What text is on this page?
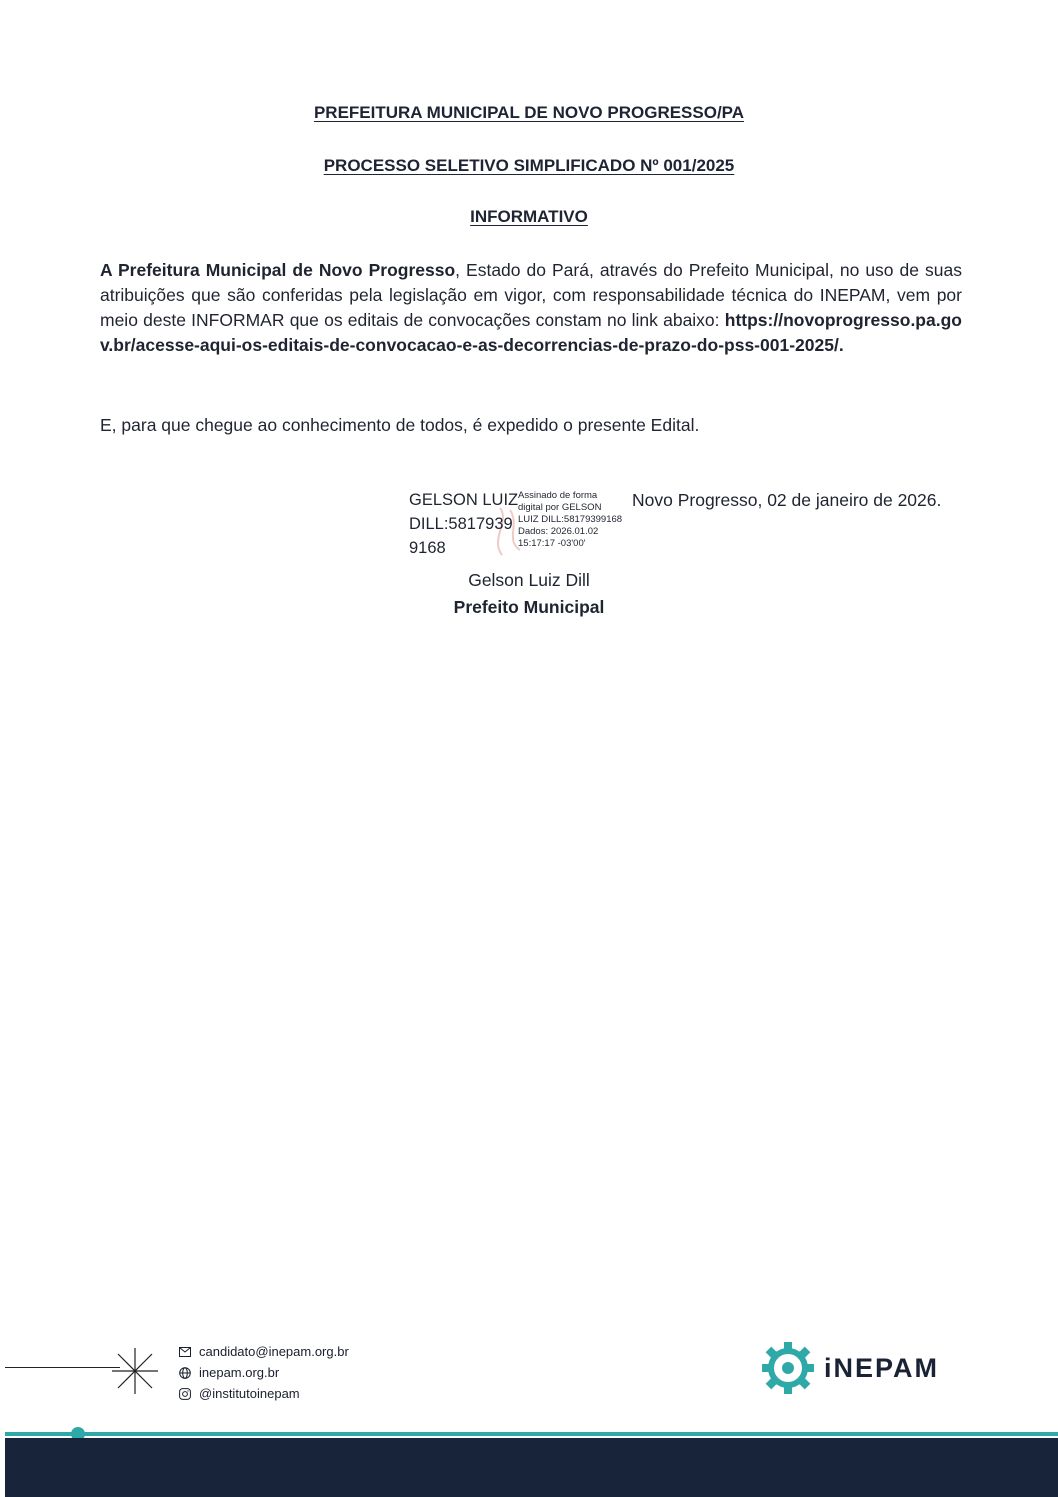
PREFEITURA MUNICIPAL DE NOVO PROGRESSO/PA
PROCESSO SELETIVO SIMPLIFICADO Nº 001/2025
INFORMATIVO
A Prefeitura Municipal de Novo Progresso, Estado do Pará, através do Prefeito Municipal, no uso de suas atribuições que são conferidas pela legislação em vigor, com responsabilidade técnica do INEPAM, vem por meio deste INFORMAR que os editais de convocações constam no link abaixo: https://novoprogresso.pa.gov.br/acesse-aqui-os-editais-de-convocacao-e-as-decorrencias-de-prazo-do-pss-001-2025/.
E, para que chegue ao conhecimento de todos, é expedido o presente Edital.
GELSON LUIZ
DILL:5817939
9168
Assinado de forma
digital por GELSON
LUIZ DILL:58179399168
Dados: 2026.01.02
15:17:17 -03'00'
Novo Progresso, 02 de janeiro de 2026.
Gelson Luiz Dill
Prefeito Municipal
candidato@inepam.org.br
inepam.org.br
@institutoinepam
iNEPAM
